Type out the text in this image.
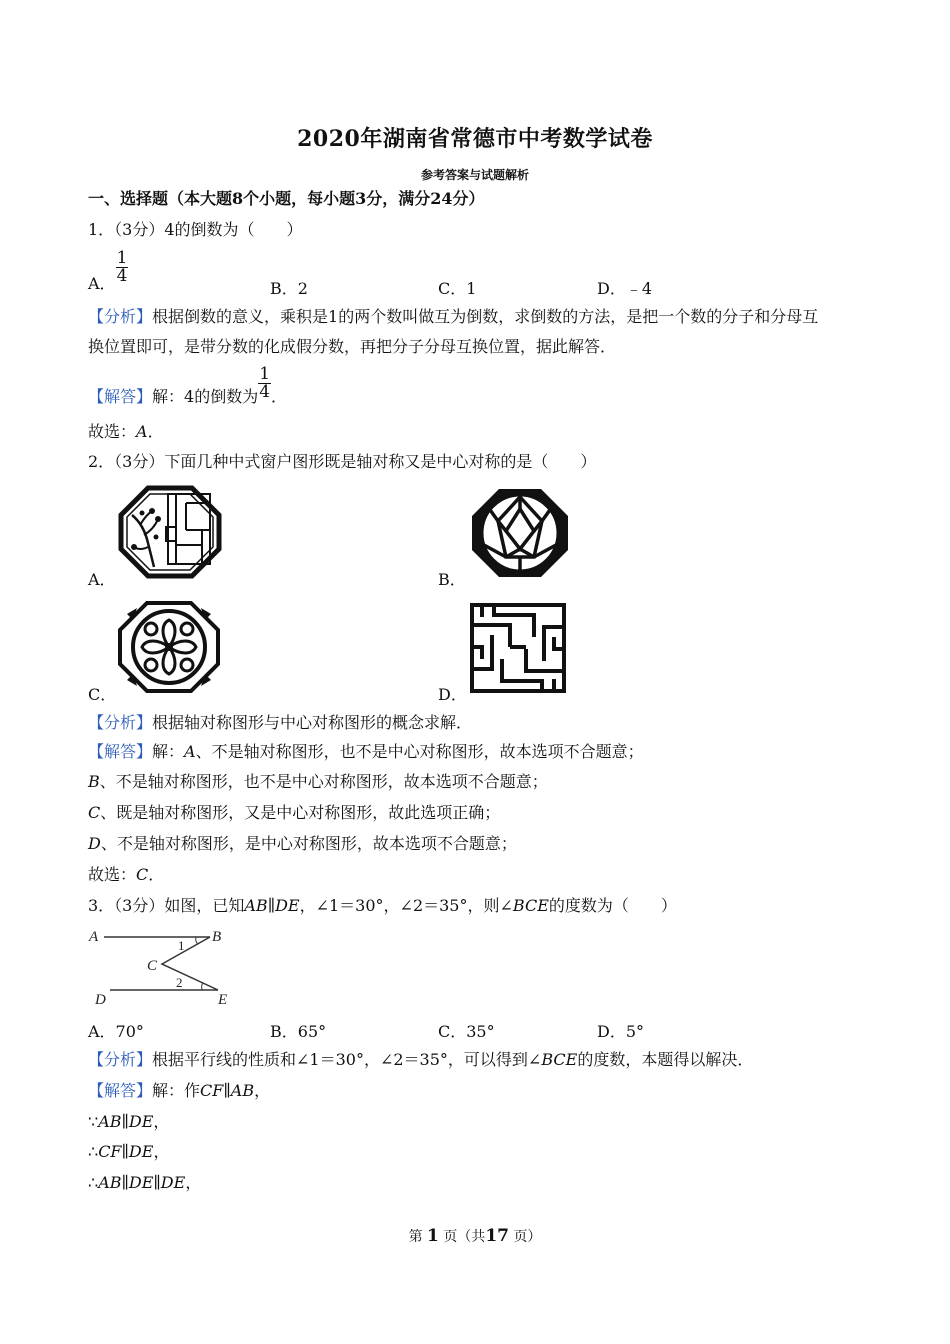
2020年湖南省常德市中考数学试卷
参考答案与试题解析
一、选择题（本大题8个小题，每小题3分，满分24分）
1．（3分）4的倒数为（　　）
A． $\frac{1}{4}$
B．2	C．1	D．﹣4
【分析】根据倒数的意义，乘积是1的两个数叫做互为倒数，求倒数的方法，是把一个数的分子和分母互
换位置即可，是带分数的化成假分数，再把分子分母互换位置，据此解答．
【解答】解：4的倒数为 $\frac{1}{4}$ ．
故选：A．
2．（3分）下面几种中式窗户图形既是轴对称又是中心对称的是（　　）
A．	B．
C．	D．
【分析】根据轴对称图形与中心对称图形的概念求解．
【解答】解：A、不是轴对称图形，也不是中心对称图形，故本选项不合题意；
B、不是轴对称图形，也不是中心对称图形，故本选项不合题意；
C、既是轴对称图形，又是中心对称图形，故此选项正确；
D、不是轴对称图形，是中心对称图形，故本选项不合题意；
故选：C．
3．（3分）如图，已知AB∥DE，∠1＝30°，∠2＝35°，则∠BCE的度数为（　　）
A	B
C
D	E
1
2
A．70°	B．65°	C．35°	D．5°
【分析】根据平行线的性质和∠1＝30°，∠2＝35°，可以得到∠BCE的度数，本题得以解决．
【解答】解：作CF∥AB，
∵AB∥DE，
∴CF∥DE，
∴AB∥DE∥DE，
第 1 页（共17 页）
